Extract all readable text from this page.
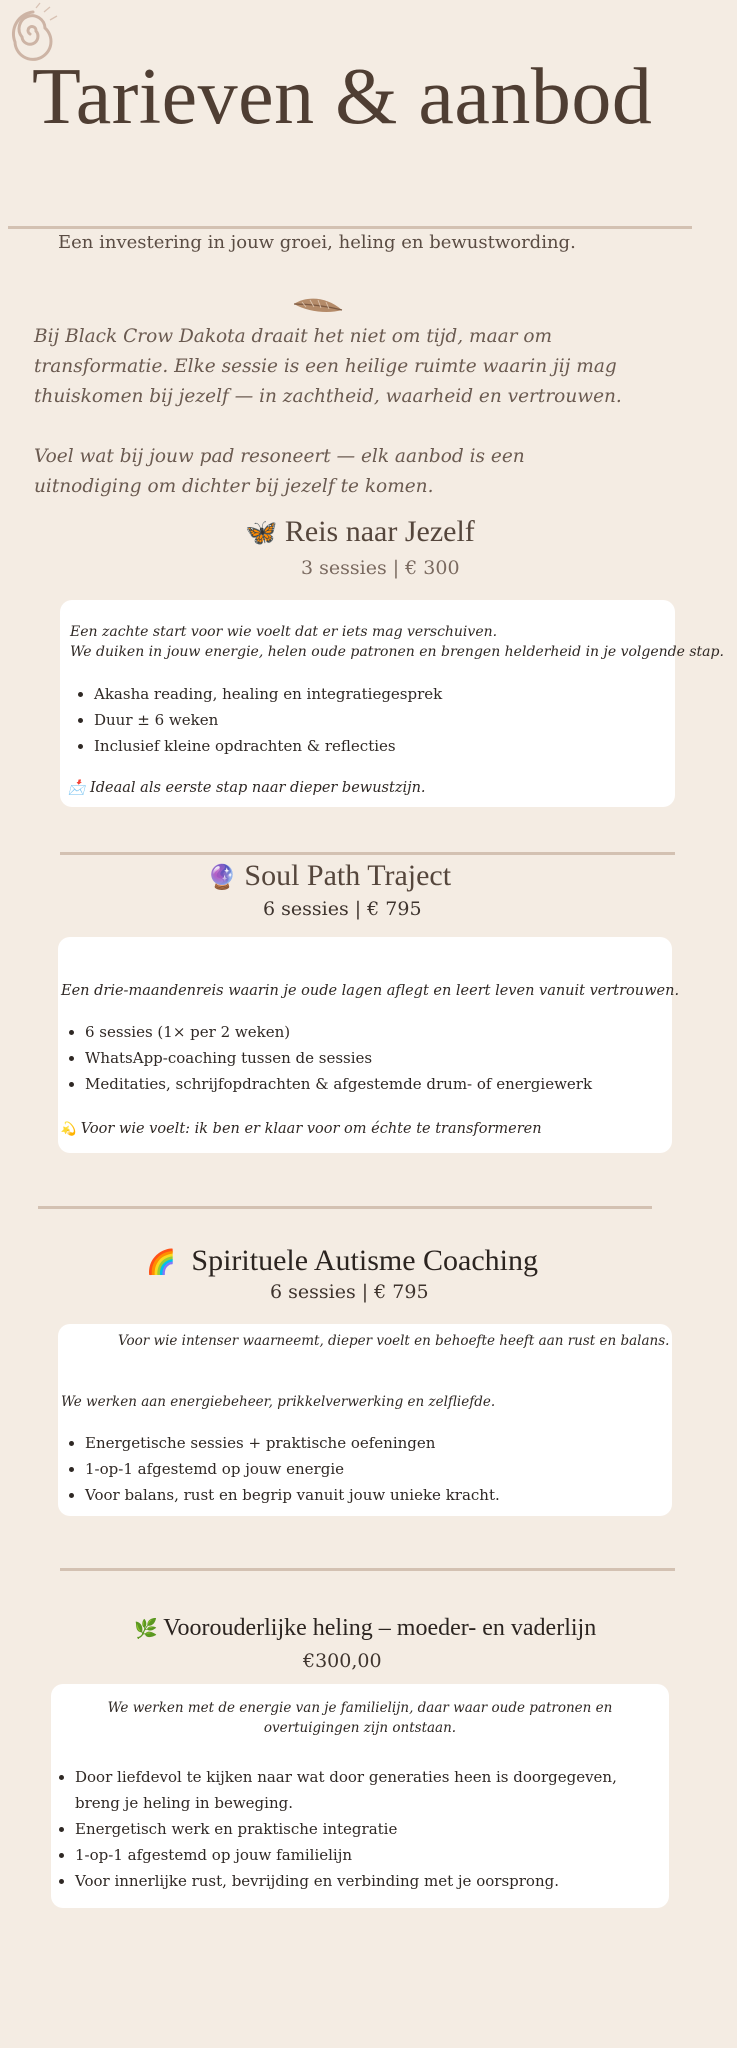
Tarieven & aanbod
Een investering in jouw groei, heling en bewustwording.
Bij Black Crow Dakota draait het niet om tijd, maar om transformatie. Elke sessie is een heilige ruimte waarin jij mag thuiskomen bij jezelf — in zachtheid, waarheid en vertrouwen.
Voel wat bij jouw pad resoneert — elk aanbod is een uitnodiging om dichter bij jezelf te komen.
🦋 Reis naar Jezelf
3 sessies | € 300

Een zachte start voor wie voelt dat er iets mag verschuiven.

We duiken in jouw energie, helen oude patronen en brengen helderheid in je volgende stap.

• Akasha reading, healing en integratiegesprek
• Duur ± 6 weken
• Inclusief kleine opdrachten & reflecties
📩 Ideaal als eerste stap naar dieper bewustzijn.
🔮 Soul Path Traject
6 sessies | € 795

Een drie-maandenreis waarin je oude lagen aflegt en leert leven vanuit vertrouwen.

• 6 sessies (1× per 2 weken)
• WhatsApp-coaching tussen de sessies
• Meditaties, schrijfopdrachten & afgestemde drum- of energiewerk
💫 Voor wie voelt: ik ben er klaar voor om échte te transformeren
🌈 Spirituele Autisme Coaching
6 sessies | € 795

Voor wie intenser waarneemt, dieper voelt en behoefte heeft aan rust en balans.

We werken aan energiebeheer, prikkelverwerking en zelfliefde.

• Energetische sessies + praktische oefeningen
• 1-op-1 afgestemd op jouw energie
• Voor balans, rust en begrip vanuit jouw unieke kracht.
🌿 Voorouderlijke heling – moeder- en vaderlijn
€300,00

We werken met de energie van je familielijn, daar waar oude patronen en overtuigingen zijn ontstaan.

• Door liefdevol te kijken naar wat door generaties heen is doorgegeven, breng je heling in beweging.
• Energetisch werk en praktische integratie
• 1-op-1 afgestemd op jouw familielijn
• Voor innerlijke rust, bevrijding en verbinding met je oorsprong.
